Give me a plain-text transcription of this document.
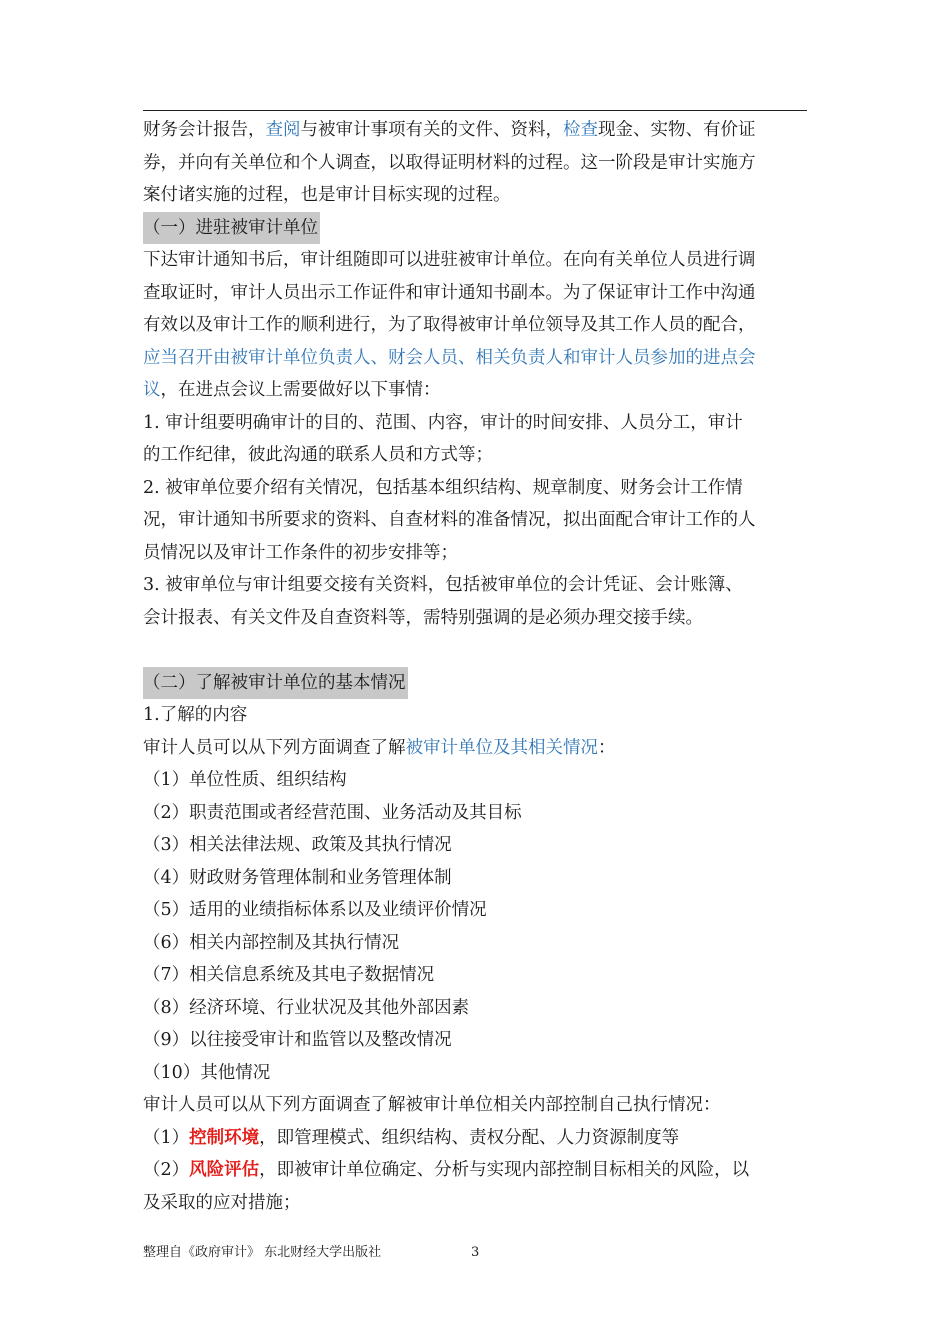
财务会计报告，查阅与被审计事项有关的文件、资料，检查现金、实物、有价证
券，并向有关单位和个人调查，以取得证明材料的过程。这一阶段是审计实施方
案付诸实施的过程，也是审计目标实现的过程。
（一）进驻被审计单位
下达审计通知书后，审计组随即可以进驻被审计单位。在向有关单位人员进行调
查取证时，审计人员出示工作证件和审计通知书副本。为了保证审计工作中沟通
有效以及审计工作的顺利进行，为了取得被审计单位领导及其工作人员的配合，
应当召开由被审计单位负责人、财会人员、相关负责人和审计人员参加的进点会
议，在进点会议上需要做好以下事情：
1. 审计组要明确审计的目的、范围、内容，审计的时间安排、人员分工，审计
的工作纪律，彼此沟通的联系人员和方式等；
2. 被审单位要介绍有关情况，包括基本组织结构、规章制度、财务会计工作情
况，审计通知书所要求的资料、自查材料的准备情况，拟出面配合审计工作的人
员情况以及审计工作条件的初步安排等；
3. 被审单位与审计组要交接有关资料，包括被审单位的会计凭证、会计账簿、
会计报表、有关文件及自查资料等，需特别强调的是必须办理交接手续。
（二）了解被审计单位的基本情况
1.了解的内容
审计人员可以从下列方面调查了解被审计单位及其相关情况：
（1）单位性质、组织结构
（2）职责范围或者经营范围、业务活动及其目标
（3）相关法律法规、政策及其执行情况
（4）财政财务管理体制和业务管理体制
（5）适用的业绩指标体系以及业绩评价情况
（6）相关内部控制及其执行情况
（7）相关信息系统及其电子数据情况
（8）经济环境、行业状况及其他外部因素
（9）以往接受审计和监管以及整改情况
（10）其他情况
审计人员可以从下列方面调查了解被审计单位相关内部控制自己执行情况：
（1）控制环境，即管理模式、组织结构、责权分配、人力资源制度等
（2）风险评估，即被审计单位确定、分析与实现内部控制目标相关的风险，以
及采取的应对措施；
整理自《政府审计》 东北财经大学出版社	3
